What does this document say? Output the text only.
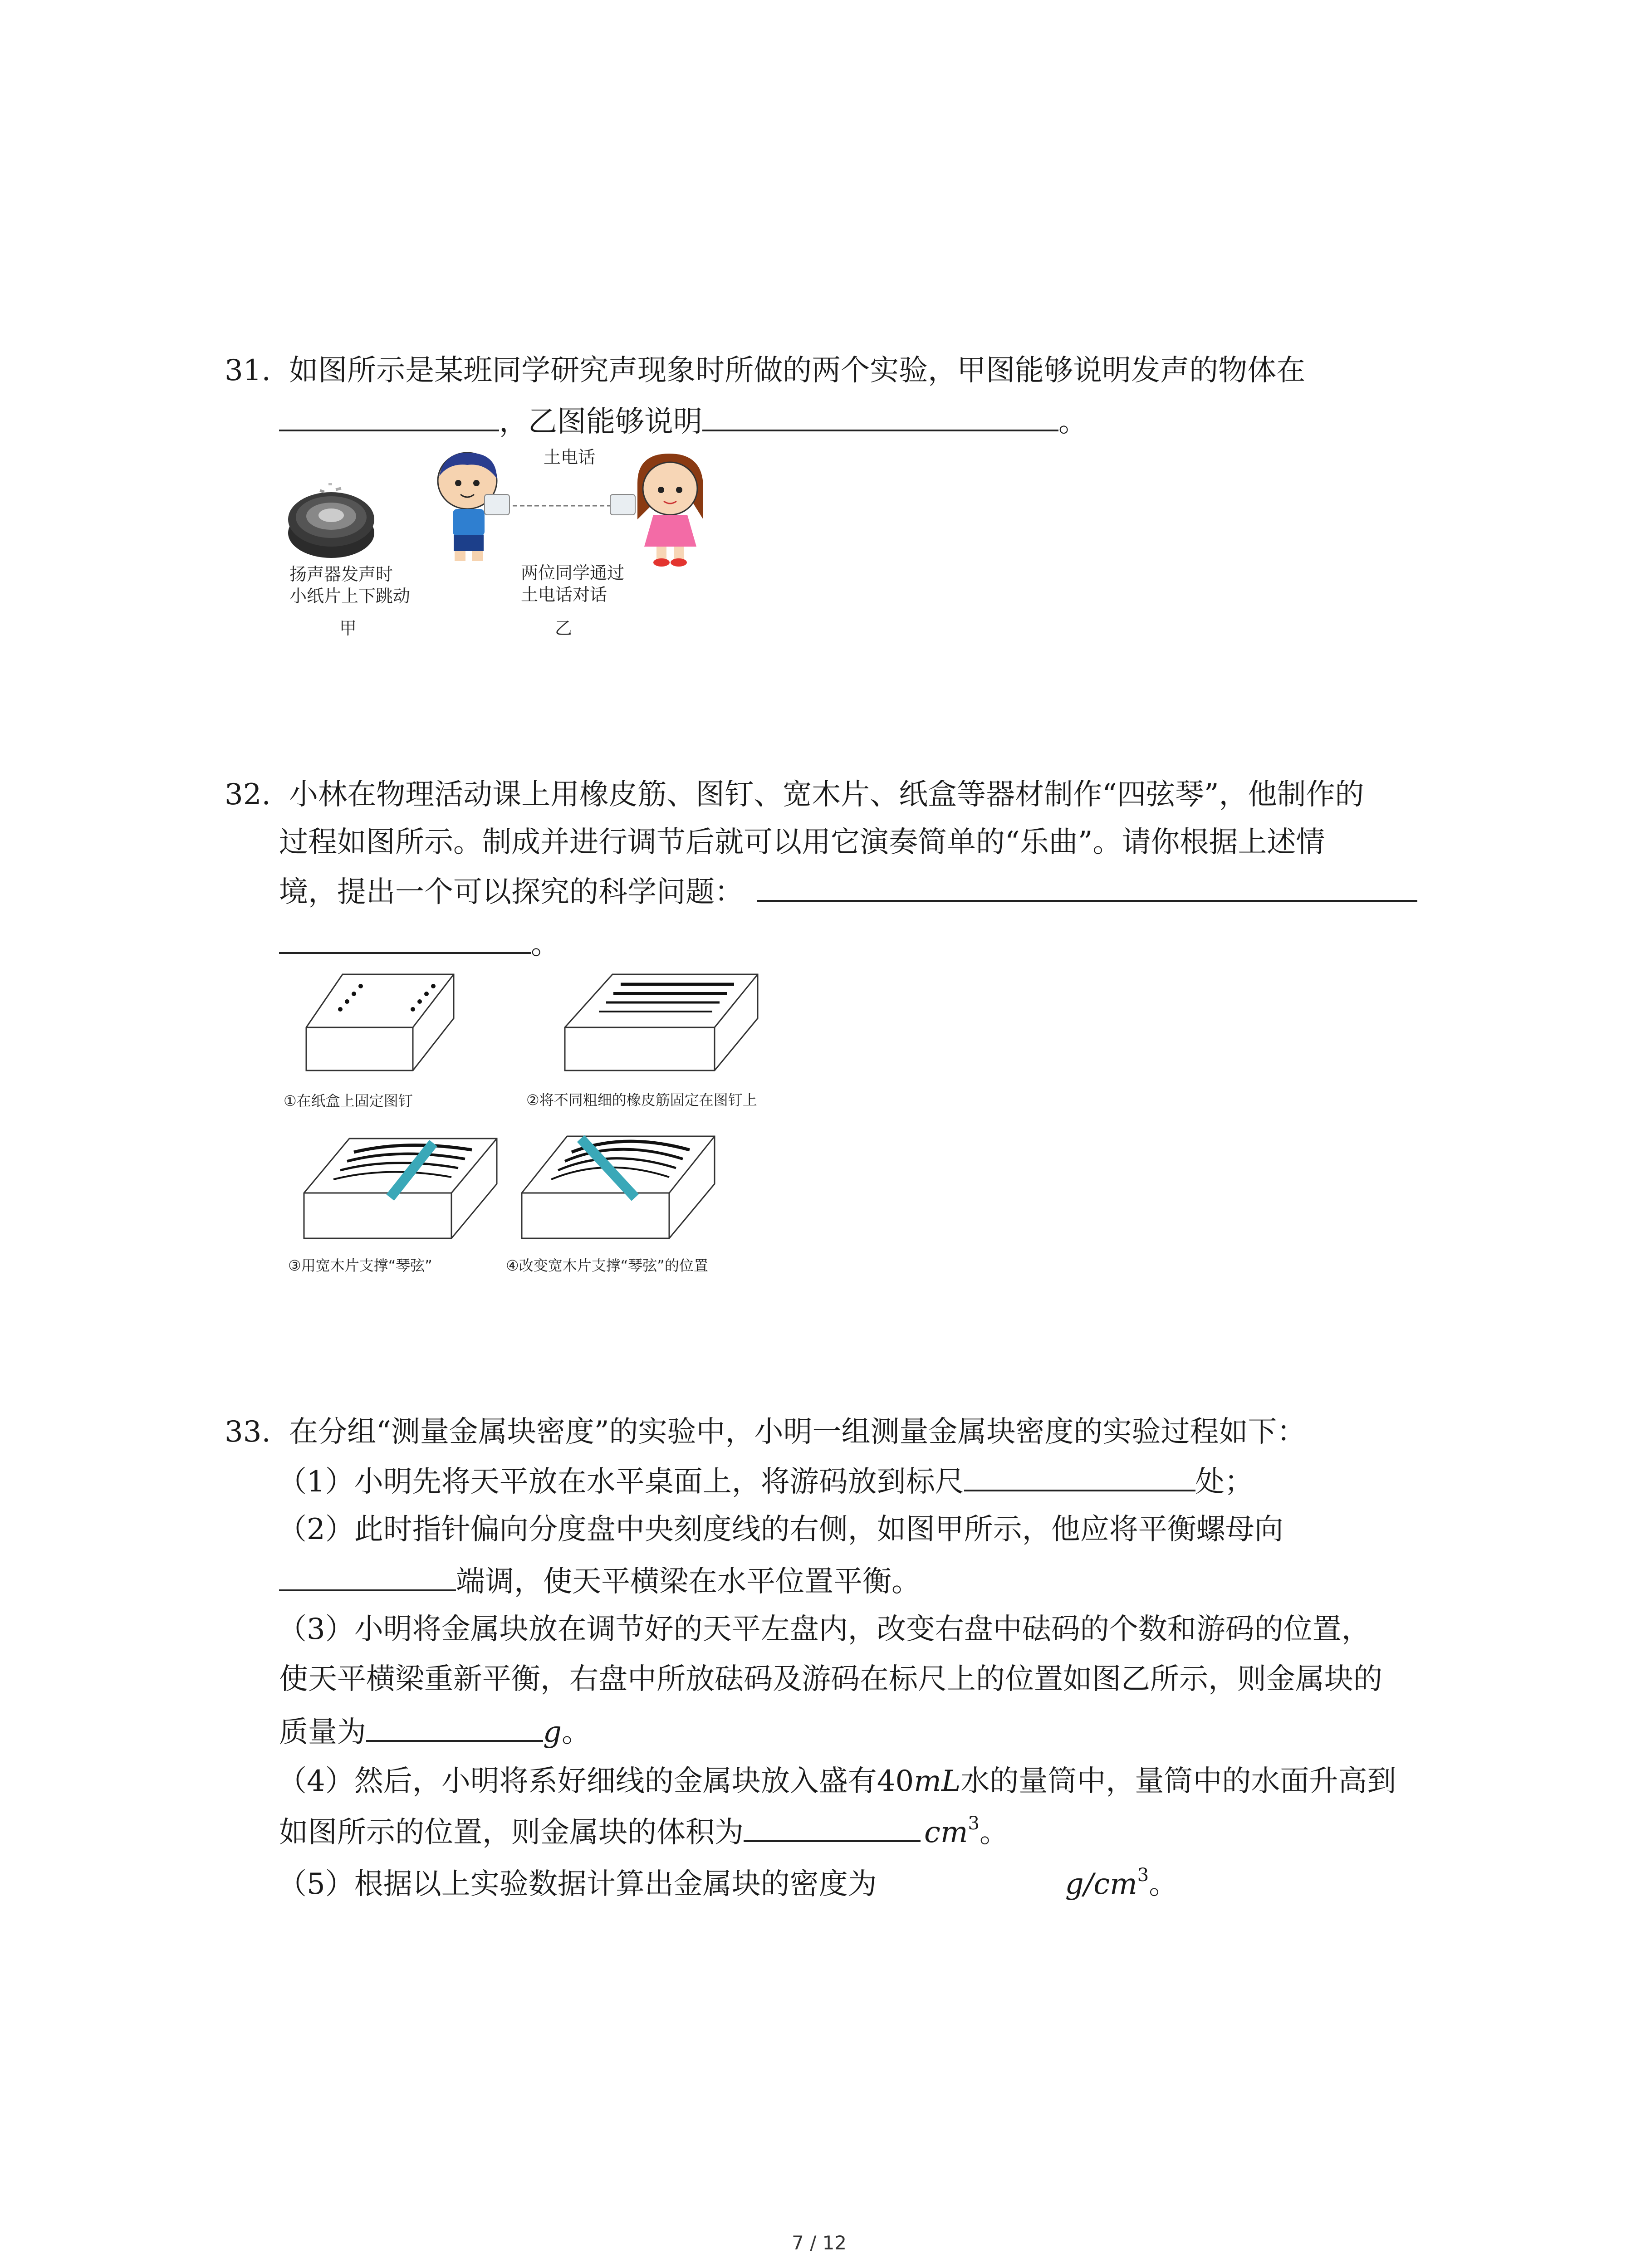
31. 如图所示是某班同学研究声现象时所做的两个实验，甲图能够说明发声的物体在
，乙图能够说明	。
土电话
扬声器发声时
小纸片上下跳动
甲
两位同学通过
土电话对话
乙
32. 小林在物理活动课上用橡皮筋、图钉、宽木片、纸盒等器材制作“四弦琴”，他制作的
过程如图所示。制成并进行调节后就可以用它演奏简单的“乐曲”。请你根据上述情
境，提出一个可以探究的科学问题：
。
①在纸盒上固定图钉	②将不同粗细的橡皮筋固定在图钉上
③用宽木片支撑“琴弦”	④改变宽木片支撑“琴弦”的位置
33. 在分组“测量金属块密度”的实验中，小明一组测量金属块密度的实验过程如下：
（1）小明先将天平放在水平桌面上，将游码放到标尺	处；
（2）此时指针偏向分度盘中央刻度线的右侧，如图甲所示，他应将平衡螺母向
端调，使天平横梁在水平位置平衡。
（3）小明将金属块放在调节好的天平左盘内，改变右盘中砝码的个数和游码的位置，
使天平横梁重新平衡，右盘中所放砝码及游码在标尺上的位置如图乙所示，则金属块的
质量为	g。
（4）然后，小明将系好细线的金属块放入盛有40mL水的量筒中，量筒中的水面升高到
如图所示的位置，则金属块的体积为	$cm^3$。
（5）根据以上实验数据计算出金属块的密度为	$g/cm^3$。
7 / 12
